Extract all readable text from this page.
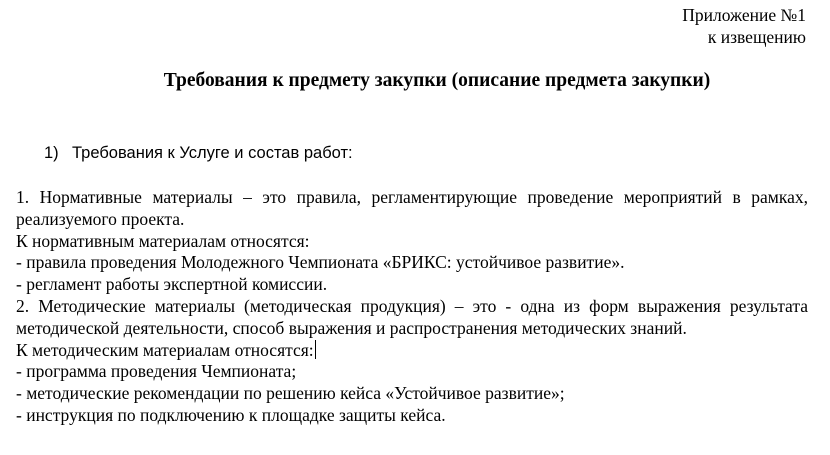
Приложение №1
к извещению
Требования к предмету закупки (описание предмета закупки)
1) Требования к Услуге и состав работ:

1. Нормативные материалы – это правила, регламентирующие проведение мероприятий в рамках, реализуемого проекта.

К нормативным материалам относятся:

- правила проведения Молодежного Чемпионата «БРИКС: устойчивое развитие».

- регламент работы экспертной комиссии.

2. Методические материалы (методическая продукция) – это - одна из форм выражения результата методической деятельности, способ выражения и распространения методических знаний.

К методическим материалам относятся:

- программа проведения Чемпионата;

- методические рекомендации по решению кейса «Устойчивое развитие»;

- инструкция по подключению к площадке защиты кейса.
